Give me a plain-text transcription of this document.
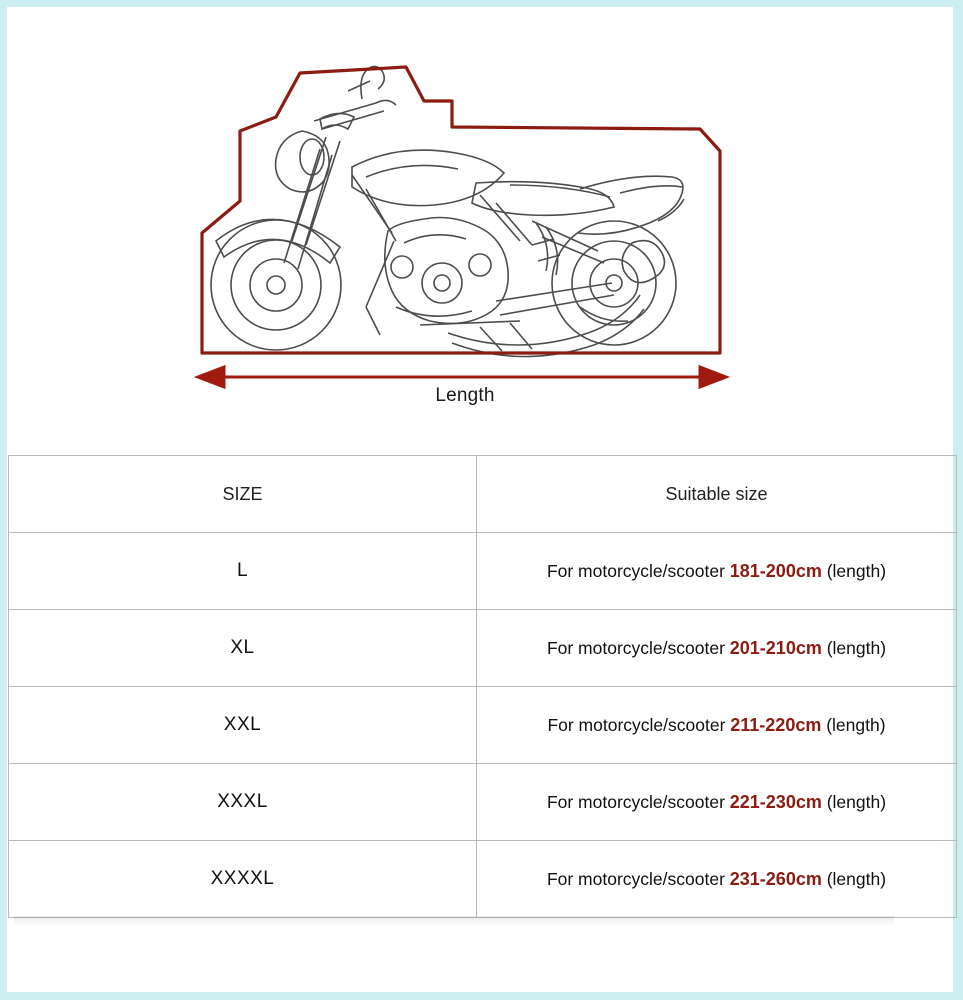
Length
SIZE	Suitable size
L	For motorcycle/scooter 181-200cm (length)
XL	For motorcycle/scooter 201-210cm (length)
XXL	For motorcycle/scooter 211-220cm (length)
XXXL	For motorcycle/scooter 221-230cm (length)
XXXXL	For motorcycle/scooter 231-260cm (length)
